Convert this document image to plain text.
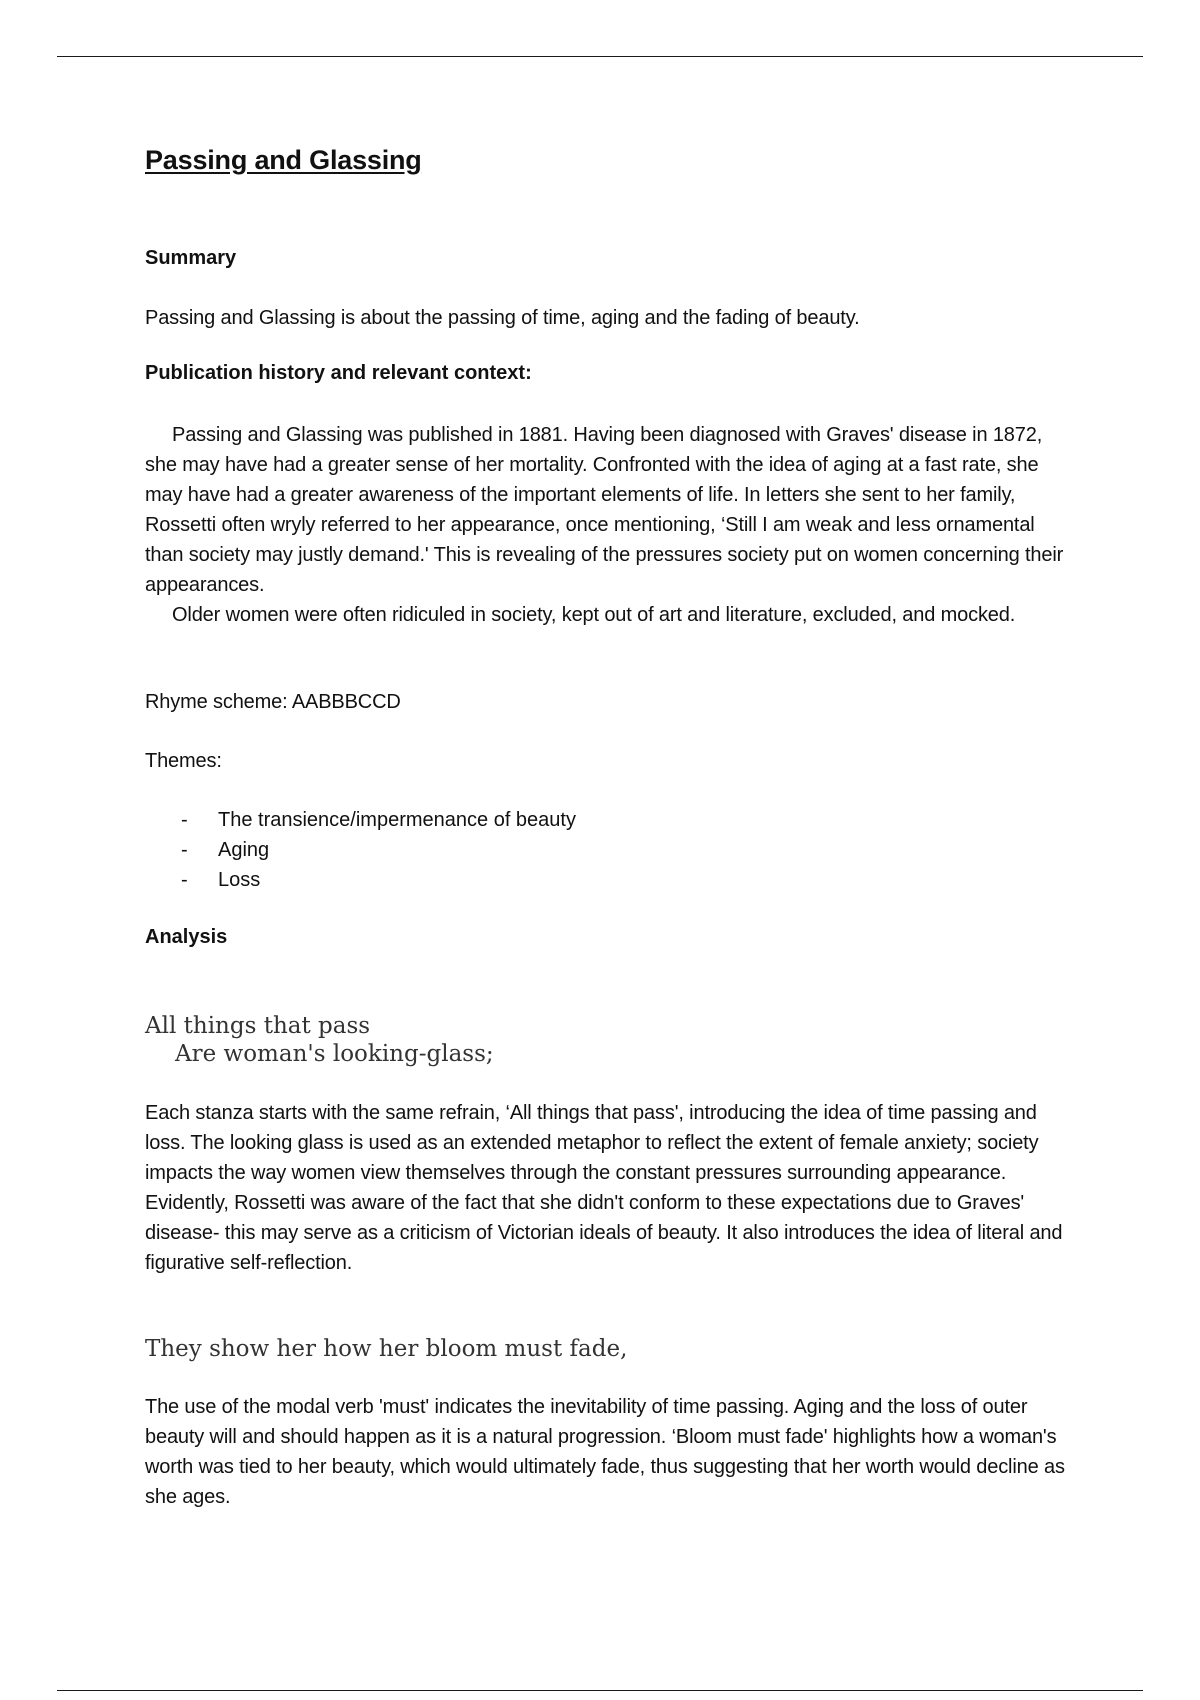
Passing and Glassing

Summary

Passing and Glassing is about the passing of time, aging and the fading of beauty.

Publication history and relevant context:

Passing and Glassing was published in 1881. Having been diagnosed with Graves' disease in 1872, she may have had a greater sense of her mortality. Confronted with the idea of aging at a fast rate, she may have had a greater awareness of the important elements of life. In letters she sent to her family, Rossetti often wryly referred to her appearance, once mentioning, ‘Still I am weak and less ornamental than society may justly demand.' This is revealing of the pressures society put on women concerning their appearances.

Older women were often ridiculed in society, kept out of art and literature, excluded, and mocked.

Rhyme scheme: AABBBCCD

Themes:

- The transience/impermenance of beauty
- Aging
- Loss

Analysis

All things that pass
Are woman's looking-glass;

Each stanza starts with the same refrain, ‘All things that pass', introducing the idea of time passing and loss. The looking glass is used as an extended metaphor to reflect the extent of female anxiety; society impacts the way women view themselves through the constant pressures surrounding appearance. Evidently, Rossetti was aware of the fact that she didn't conform to these expectations due to Graves' disease- this may serve as a criticism of Victorian ideals of beauty. It also introduces the idea of literal and figurative self-reflection.

They show her how her bloom must fade,

The use of the modal verb 'must' indicates the inevitability of time passing. Aging and the loss of outer beauty will and should happen as it is a natural progression. ‘Bloom must fade' highlights how a woman's worth was tied to her beauty, which would ultimately fade, thus suggesting that her worth would decline as she ages.
